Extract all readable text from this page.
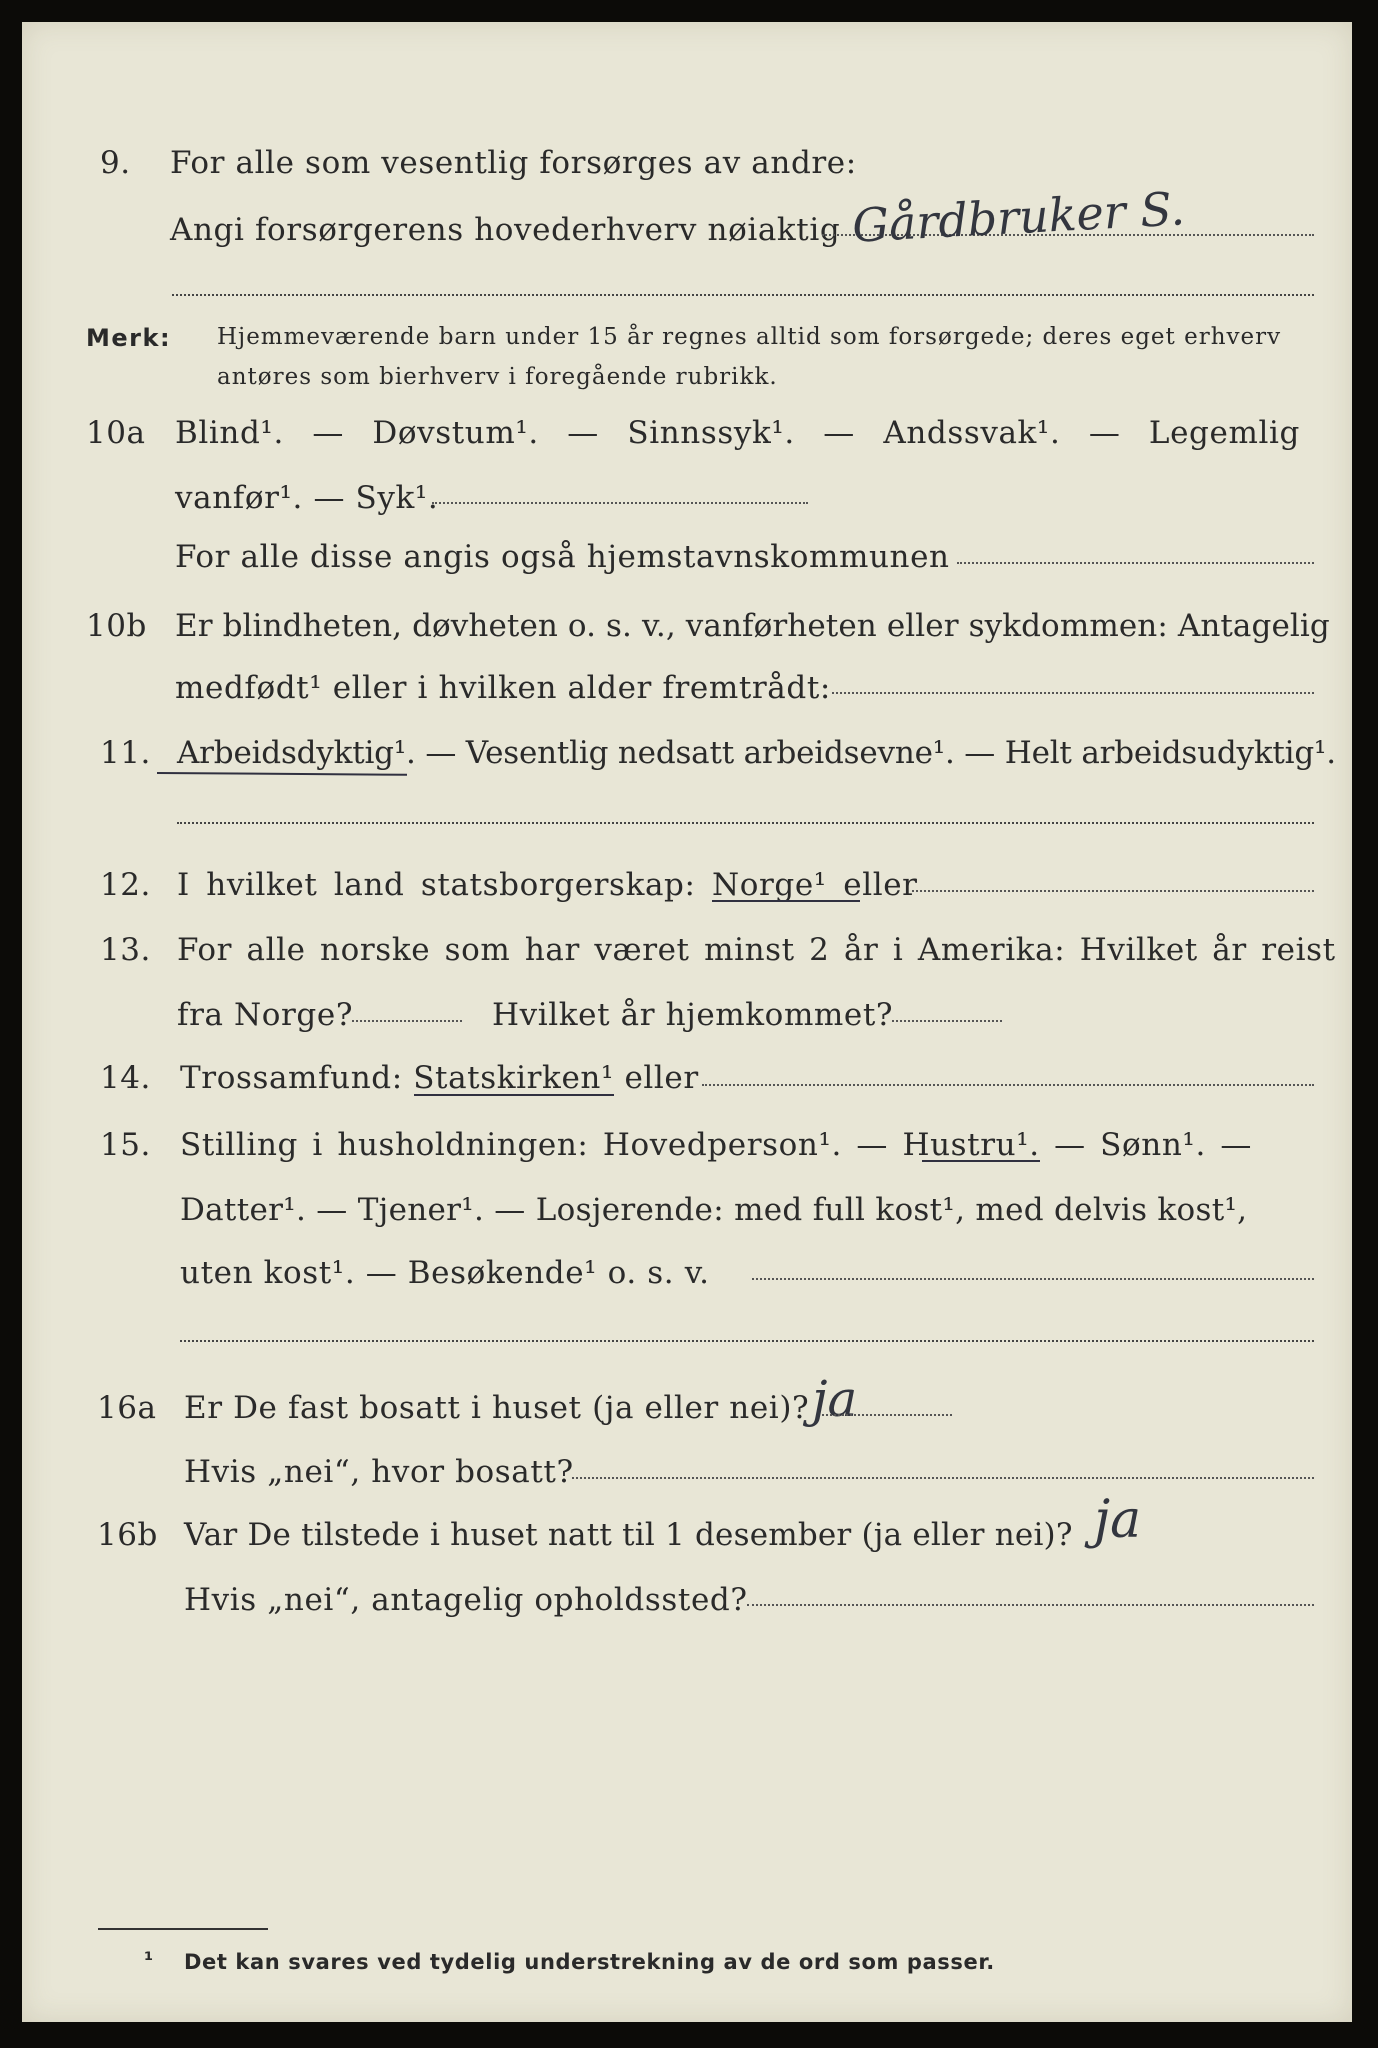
9. For alle som vesentlig forsørges av andre:
Angi forsørgerens hovederhverv nøiaktig Gårdbruker S.
Merk: Hjemmeværende barn under 15 år regnes alltid som forsørgede; deres eget erhverv
antøres som bierhverv i foregående rubrikk.
10a Blind¹. — Døvstum¹. — Sinnssyk¹. — Andssvak¹. — Legemlig
vanfør¹. — Syk¹.
For alle disse angis også hjemstavnskommunen
10b Er blindheten, døvheten o. s. v., vanførheten eller sykdommen: Antagelig
medfødt¹ eller i hvilken alder fremtrådt:
11. Arbeidsdyktig¹. — Vesentlig nedsatt arbeidsevne¹. — Helt arbeidsudyktig¹.
12. I hvilket land statsborgerskap: Norge¹ eller
13. For alle norske som har været minst 2 år i Amerika: Hvilket år reist
fra Norge?	Hvilket år hjemkommet?
14. Trossamfund: Statskirken¹ eller
15. Stilling i husholdningen: Hovedperson¹. — Hustru¹. — Sønn¹. —
Datter¹. — Tjener¹. — Losjerende: med full kost¹, med delvis kost¹,
uten kost¹. — Besøkende¹ o. s. v.
16a Er De fast bosatt i huset (ja eller nei)? ja
Hvis „nei“, hvor bosatt?
16b Var De tilstede i huset natt til 1 desember (ja eller nei)? ja
Hvis „nei“, antagelig opholdssted?
¹ Det kan svares ved tydelig understrekning av de ord som passer.
